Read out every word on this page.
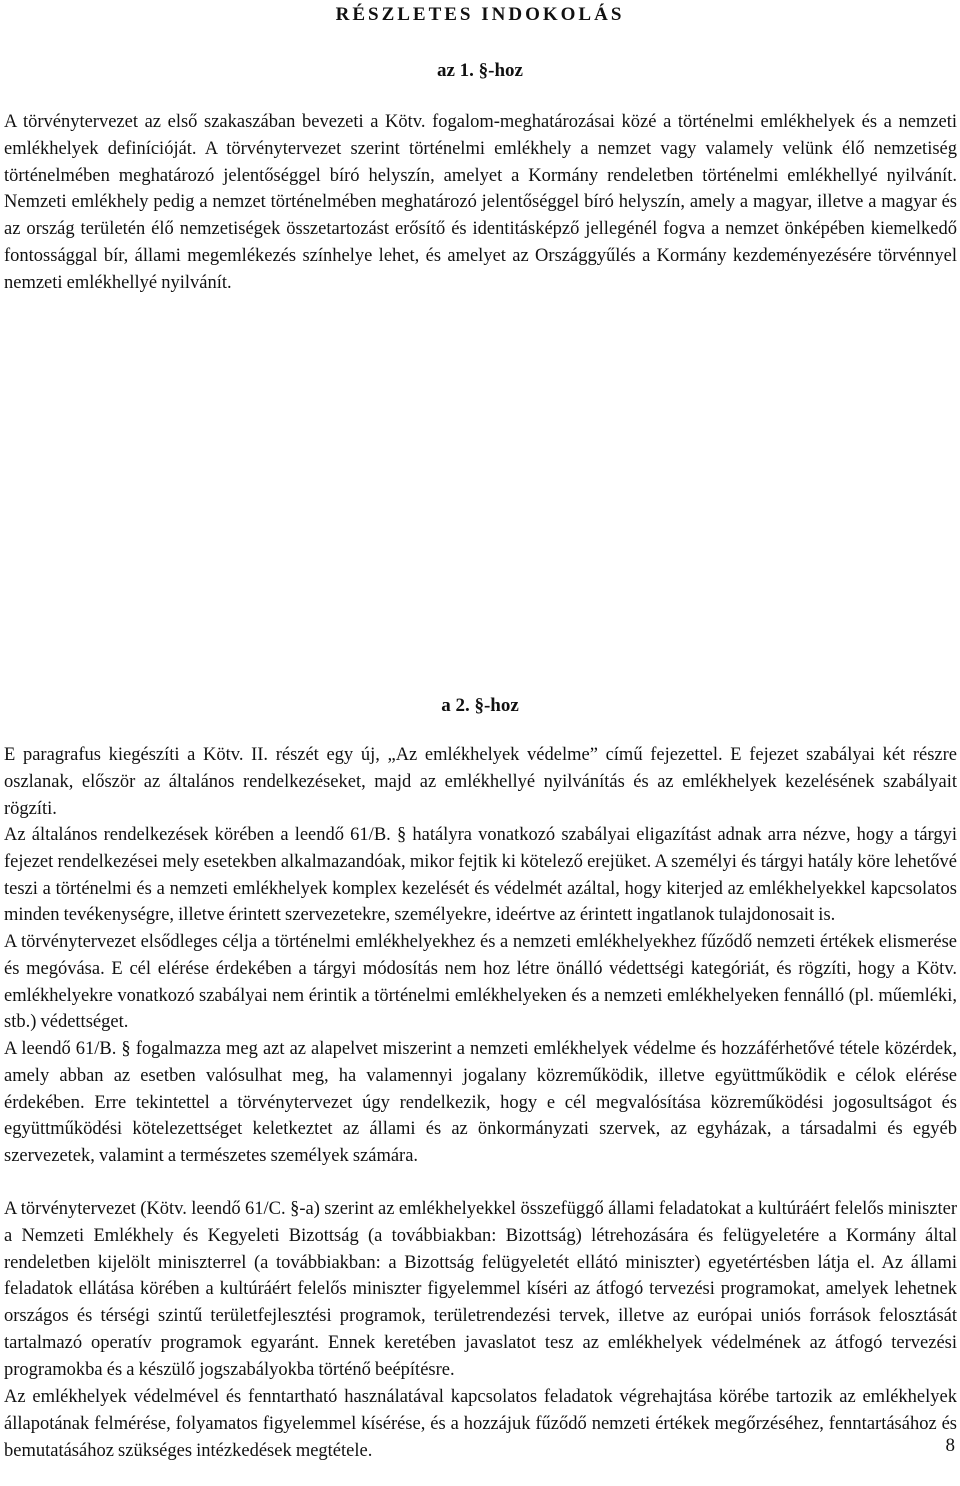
RÉSZLETES INDOKOLÁS
az 1. §-hoz

A törvénytervezet az első szakaszában bevezeti a Kötv. fogalom-meghatározásai közé a történelmi emlékhelyek és a nemzeti emlékhelyek definícióját. A törvénytervezet szerint történelmi emlékhely a nemzet vagy valamely velünk élő nemzetiség történelmében meghatározó jelentőséggel bíró helyszín, amelyet a Kormány rendeletben történelmi emlékhellyé nyilvánít. Nemzeti emlékhely pedig a nemzet történelmében meghatározó jelentőséggel bíró helyszín, amely a magyar, illetve a magyar és az ország területén élő nemzetiségek összetartozást erősítő és identitásképző jellegénél fogva a nemzet önképében kiemelkedő fontossággal bír, állami megemlékezés színhelye lehet, és amelyet az Országgyűlés a Kormány kezdeményezésére törvénnyel nemzeti emlékhellyé nyilvánít.

a 2. §-hoz

E paragrafus kiegészíti a Kötv. II. részét egy új, „Az emlékhelyek védelme” című fejezettel. E fejezet szabályai két részre oszlanak, először az általános rendelkezéseket, majd az emlékhellyé nyilvánítás és az emlékhelyek kezelésének szabályait rögzíti.

Az általános rendelkezések körében a leendő 61/B. § hatályra vonatkozó szabályai eligazítást adnak arra nézve, hogy a tárgyi fejezet rendelkezései mely esetekben alkalmazandóak, mikor fejtik ki kötelező erejüket. A személyi és tárgyi hatály köre lehetővé teszi a történelmi és a nemzeti emlékhelyek komplex kezelését és védelmét azáltal, hogy kiterjed az emlékhelyekkel kapcsolatos minden tevékenységre, illetve érintett szervezetekre, személyekre, ideértve az érintett ingatlanok tulajdonosait is.

A törvénytervezet elsődleges célja a történelmi emlékhelyekhez és a nemzeti emlékhelyekhez fűződő nemzeti értékek elismerése és megóvása. E cél elérése érdekében a tárgyi módosítás nem hoz létre önálló védettségi kategóriát, és rögzíti, hogy a Kötv. emlékhelyekre vonatkozó szabályai nem érintik a történelmi emlékhelyeken és a nemzeti emlékhelyeken fennálló (pl. műemléki, stb.) védettséget.

A leendő 61/B. § fogalmazza meg azt az alapelvet miszerint a nemzeti emlékhelyek védelme és hozzáférhetővé tétele közérdek, amely abban az esetben valósulhat meg, ha valamennyi jogalany közreműködik, illetve együttműködik e célok elérése érdekében. Erre tekintettel a törvénytervezet úgy rendelkezik, hogy e cél megvalósítása közreműködési jogosultságot és együttműködési kötelezettséget keletkeztet az állami és az önkormányzati szervek, az egyházak, a társadalmi és egyéb szervezetek, valamint a természetes személyek számára.

A törvénytervezet (Kötv. leendő 61/C. §-a) szerint az emlékhelyekkel összefüggő állami feladatokat a kultúráért felelős miniszter a Nemzeti Emlékhely és Kegyeleti Bizottság (a továbbiakban: Bizottság) létrehozására és felügyeletére a Kormány által rendeletben kijelölt miniszterrel (a továbbiakban: a Bizottság felügyeletét ellátó miniszter) egyetértésben látja el. Az állami feladatok ellátása körében a kultúráért felelős miniszter figyelemmel kíséri az átfogó tervezési programokat, amelyek lehetnek országos és térségi szintű területfejlesztési programok, területrendezési tervek, illetve az európai uniós források felosztását tartalmazó operatív programok egyaránt. Ennek keretében javaslatot tesz az emlékhelyek védelmének az átfogó tervezési programokba és a készülő jogszabályokba történő beépítésre.

Az emlékhelyek védelmével és fenntartható használatával kapcsolatos feladatok végrehajtása körébe tartozik az emlékhelyek állapotának felmérése, folyamatos figyelemmel kísérése, és a hozzájuk fűződő nemzeti értékek megőrzéséhez, fenntartásához és bemutatásához szükséges intézkedések megtétele.	8
